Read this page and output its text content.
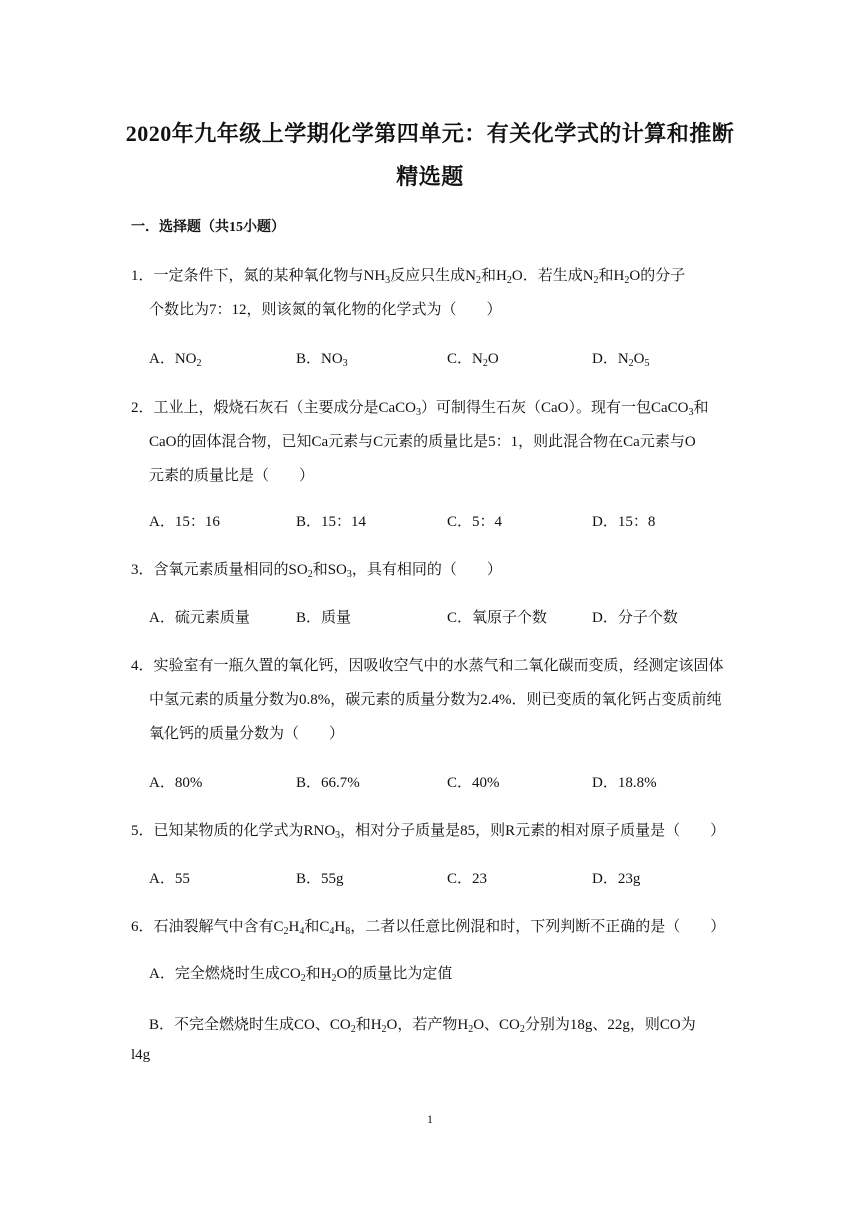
2020年九年级上学期化学第四单元：有关化学式的计算和推断
精选题
一．选择题（共15小题）
1．一定条件下，氮的某种氧化物与$NH_3$反应只生成$N_2$和$H_2O$．若生成$N_2$和$H_2O$的分子
个数比为7：12，则该氮的氧化物的化学式为（　　）
A．$NO_2$	B．$NO_3$	C．$N_2O$	D．$N_2O_5$
2．工业上，煅烧石灰石（主要成分是CaCO$_3$）可制得生石灰（CaO）。现有一包CaCO$_3$和
CaO的固体混合物，已知Ca元素与C元素的质量比是5：1，则此混合物在Ca元素与O
元素的质量比是（　　）
A．15：16	B．15：14	C．5：4	D．15：8
3．含氧元素质量相同的$SO_2$和$SO_3$，具有相同的（　　）
A．硫元素质量	B．质量	C．氧原子个数	D．分子个数
4．实验室有一瓶久置的氧化钙，因吸收空气中的水蒸气和二氧化碳而变质，经测定该固体
中氢元素的质量分数为0.8%，碳元素的质量分数为2.4%．则已变质的氧化钙占变质前纯
氧化钙的质量分数为（　　）
A．80%	B．66.7%	C．40%	D．18.8%
5．已知某物质的化学式为$RNO_3$，相对分子质量是85，则R元素的相对原子质量是（　　）
A．55	B．55g	C．23	D．23g
6．石油裂解气中含有$C_2H_4$和$C_4H_8$，二者以任意比例混和时，下列判断不正确的是（　　）
A．完全燃烧时生成$CO_2$和$H_2O$的质量比为定值
B．不完全燃烧时生成CO、$CO_2$和$H_2O$，若产物$H_2O$、$CO_2$分别为18g、22g，则CO为
l4g
1
